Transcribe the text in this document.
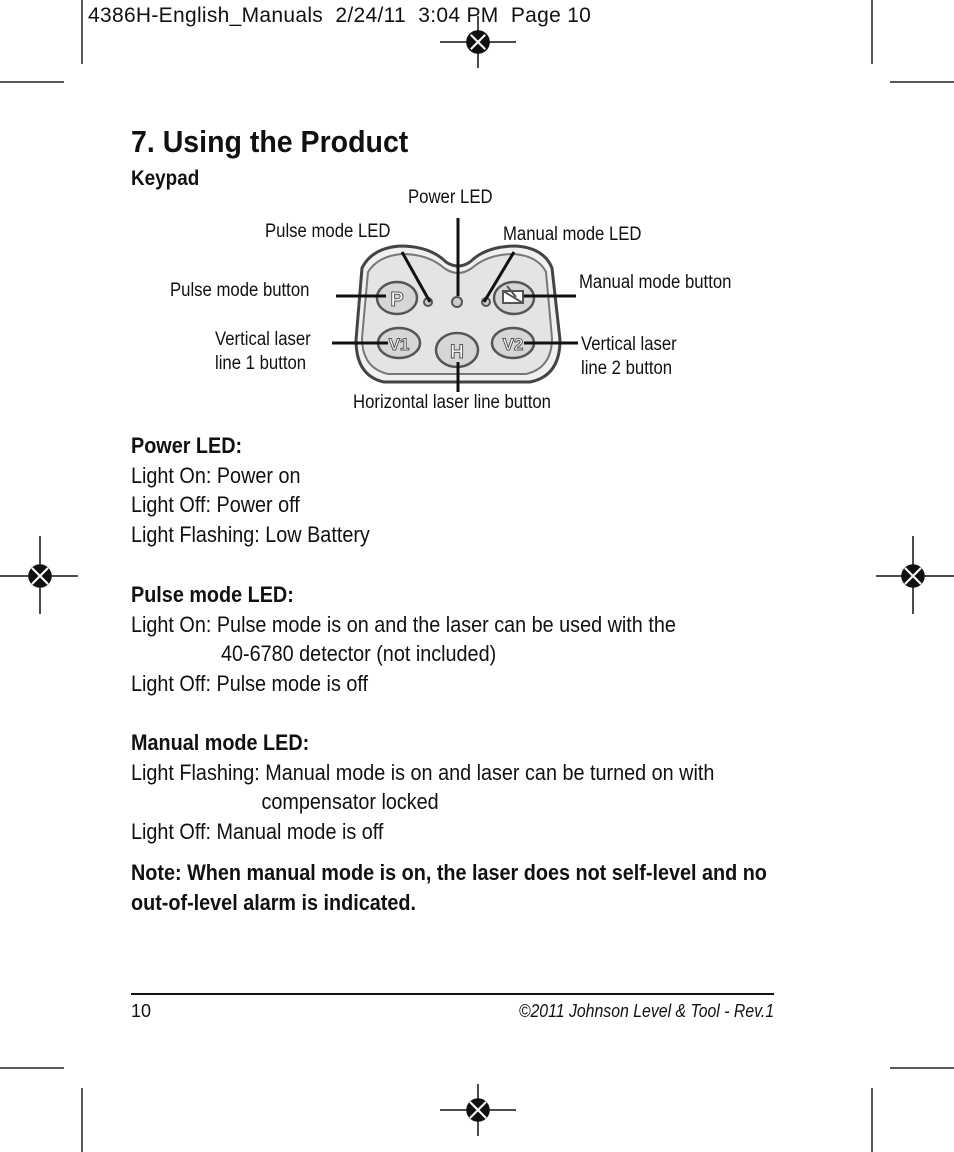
4386H-English_Manuals  2/24/11  3:04 PM  Page 10
7. Using the Product
Keypad
P
V1 H V2
Power LED
Pulse mode LED	Manual mode LED
Pulse mode button	Manual mode button
Vertical laser
line 1 button
Vertical laser
line 2 button
Horizontal laser line button
Power LED:
Light On: Power on
Light Off: Power off
Light Flashing: Low Battery
Pulse mode LED:
Light On: Pulse mode is on and the laser can be used with the
40-6780 detector (not included)
Light Off: Pulse mode is off
Manual mode LED:
Light Flashing: Manual mode is on and laser can be turned on with
compensator locked
Light Off: Manual mode is off
Note: When manual mode is on, the laser does not self-level and no out-of-level alarm is indicated.
10	©2011 Johnson Level & Tool - Rev.1
